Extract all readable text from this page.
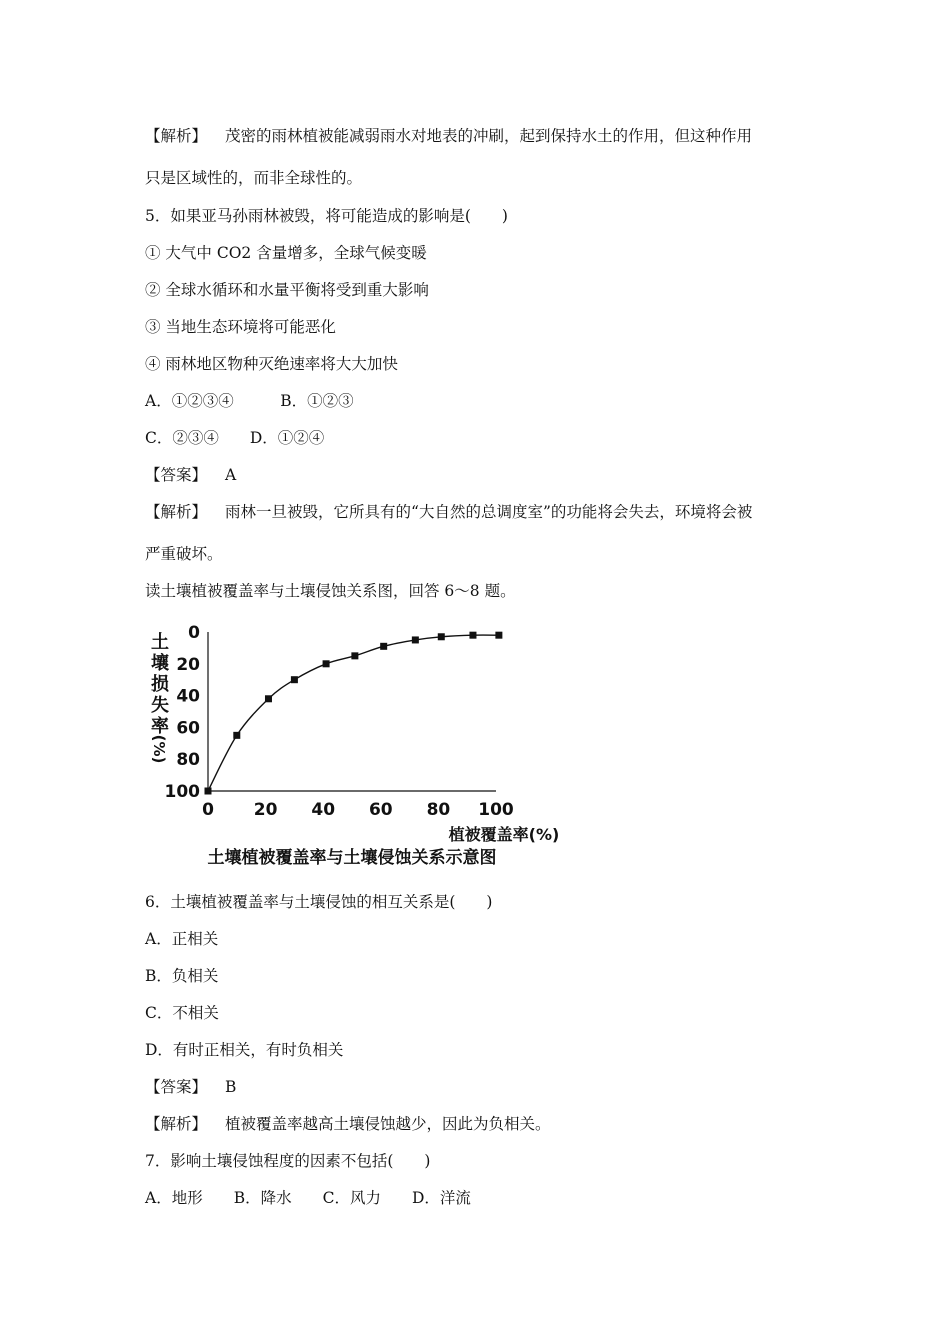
【解析】 茂密的雨林植被能减弱雨水对地表的冲刷，起到保持水土的作用，但这种作用
只是区域性的，而非全球性的。
5．如果亚马孙雨林被毁，将可能造成的影响是(　　)
① 大气中 CO2 含量增多，全球气候变暖
② 全球水循环和水量平衡将受到重大影响
③ 当地生态环境将可能恶化
④ 雨林地区物种灭绝速率将大大加快
A．①②③④　　　B．①②③
C．②③④　　D．①②④
【答案】 A
【解析】 雨林一旦被毁，它所具有的“大自然的总调度室”的功能将会失去，环境将会被
严重破坏。
读土壤植被覆盖率与土壤侵蚀关系图，回答 6～8 题。
土
壤
损
失
率
(%)
0
20
40
60
80
100
0 20 40 60 80 100
植被覆盖率(%)
土壤植被覆盖率与土壤侵蚀关系示意图
6．土壤植被覆盖率与土壤侵蚀的相互关系是(　　)
A．正相关
B．负相关
C．不相关
D．有时正相关，有时负相关
【答案】 B
【解析】 植被覆盖率越高土壤侵蚀越少，因此为负相关。
7．影响土壤侵蚀程度的因素不包括(　　)
A．地形　　B．降水　　C．风力　　D．洋流
